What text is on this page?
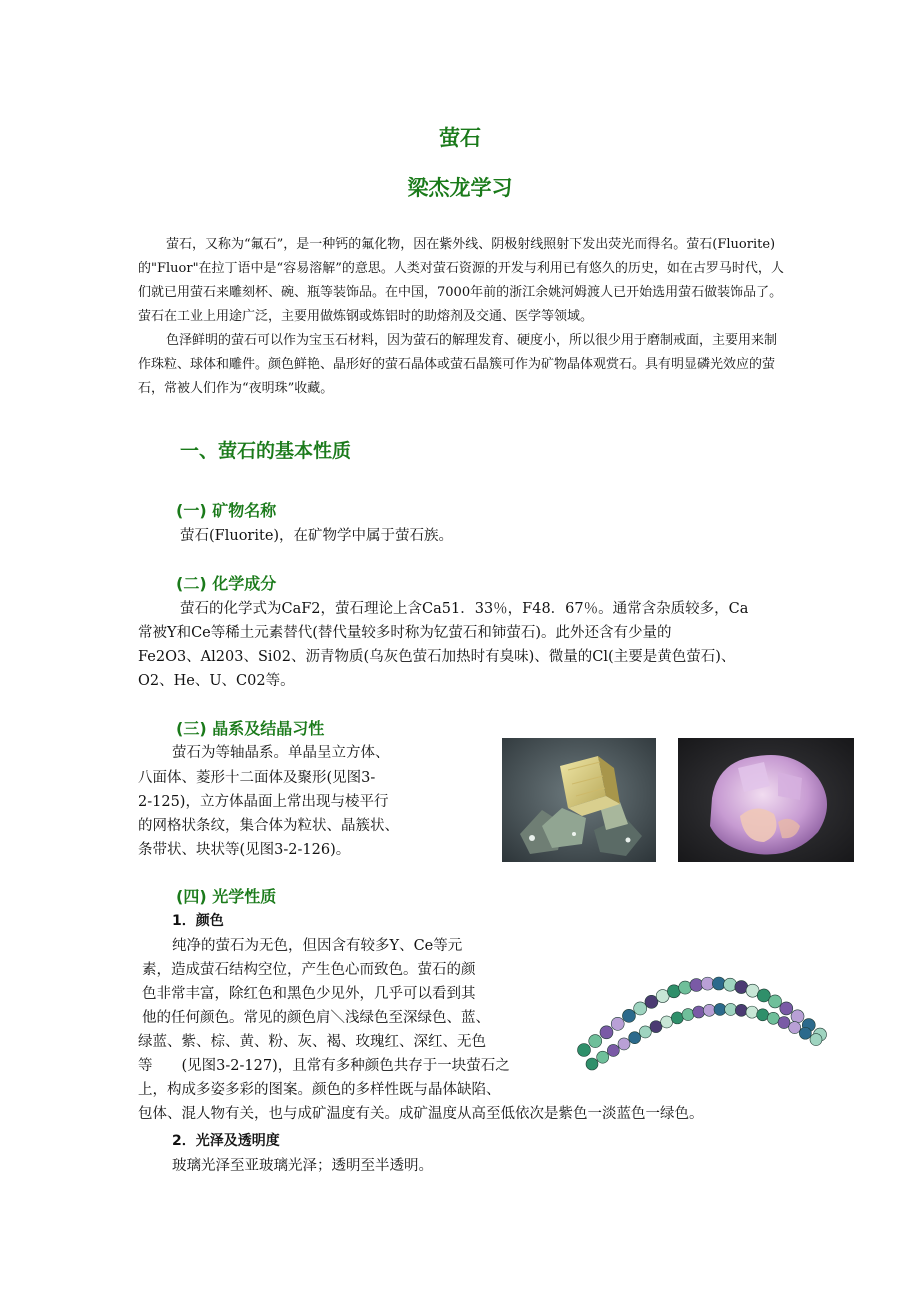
萤石
梁杰龙学习

萤石，又称为“氟石”，是一种钙的氟化物，因在紫外线、阴极射线照射下发出荧光而得名。萤石(Fluorite)的"Fluor"在拉丁语中是“容易溶解”的意思。人类对萤石资源的开发与利用已有悠久的历史，如在古罗马时代，人们就已用萤石来雕刻杯、碗、瓶等装饰品。在中国，7000年前的浙江余姚河姆渡人已开始选用萤石做装饰品了。萤石在工业上用途广泛，主要用做炼钢或炼铝时的助熔剂及交通、医学等领域。

色泽鲜明的萤石可以作为宝玉石材料，因为萤石的解理发育、硬度小，所以很少用于磨制戒面，主要用来制作珠粒、球体和雕件。颜色鲜艳、晶形好的萤石晶体或萤石晶簇可作为矿物晶体观赏石。具有明显磷光效应的萤石，常被人们作为“夜明珠”收藏。

一、萤石的基本性质
(一) 矿物名称
萤石(Fluorite)，在矿物学中属于萤石族。
(二) 化学成分
萤石的化学式为CaF2，萤石理论上含Ca51．33％，F48．67％。通常含杂质较多，Ca
常被Y和Ce等稀土元素替代(替代量较多时称为钇萤石和铈萤石)。此外还含有少量的
Fe2O3、Al203、Si02、沥青物质(乌灰色萤石加热时有臭味)、微量的Cl(主要是黄色萤石)、
O2、He、U、C02等。
(三) 晶系及结晶习性
萤石为等轴晶系。单晶呈立方体、
八面体、菱形十二面体及聚形(见图3-
2-125)，立方体晶面上常出现与棱平行
的网格状条纹，集合体为粒状、晶簇状、
条带状、块状等(见图3-2-126)。
(四) 光学性质
1．颜色
纯净的萤石为无色，但因含有较多Y、Ce等元
素，造成萤石结构空位，产生色心而致色。萤石的颜
色非常丰富，除红色和黑色少见外，几乎可以看到其
他的任何颜色。常见的颜色肩＼浅绿色至深绿色、蓝、
绿蓝、紫、棕、黄、粉、灰、褐、玫瑰红、深红、无色
等　　(见图3-2-127)，且常有多种颜色共存于一块萤石之
上，构成多姿多彩的图案。颜色的多样性既与晶体缺陷、
包体、混人物有关，也与成矿温度有关。成矿温度从高至低依次是紫色一淡蓝色一绿色。
2．光泽及透明度
玻璃光泽至亚玻璃光泽；透明至半透明。
